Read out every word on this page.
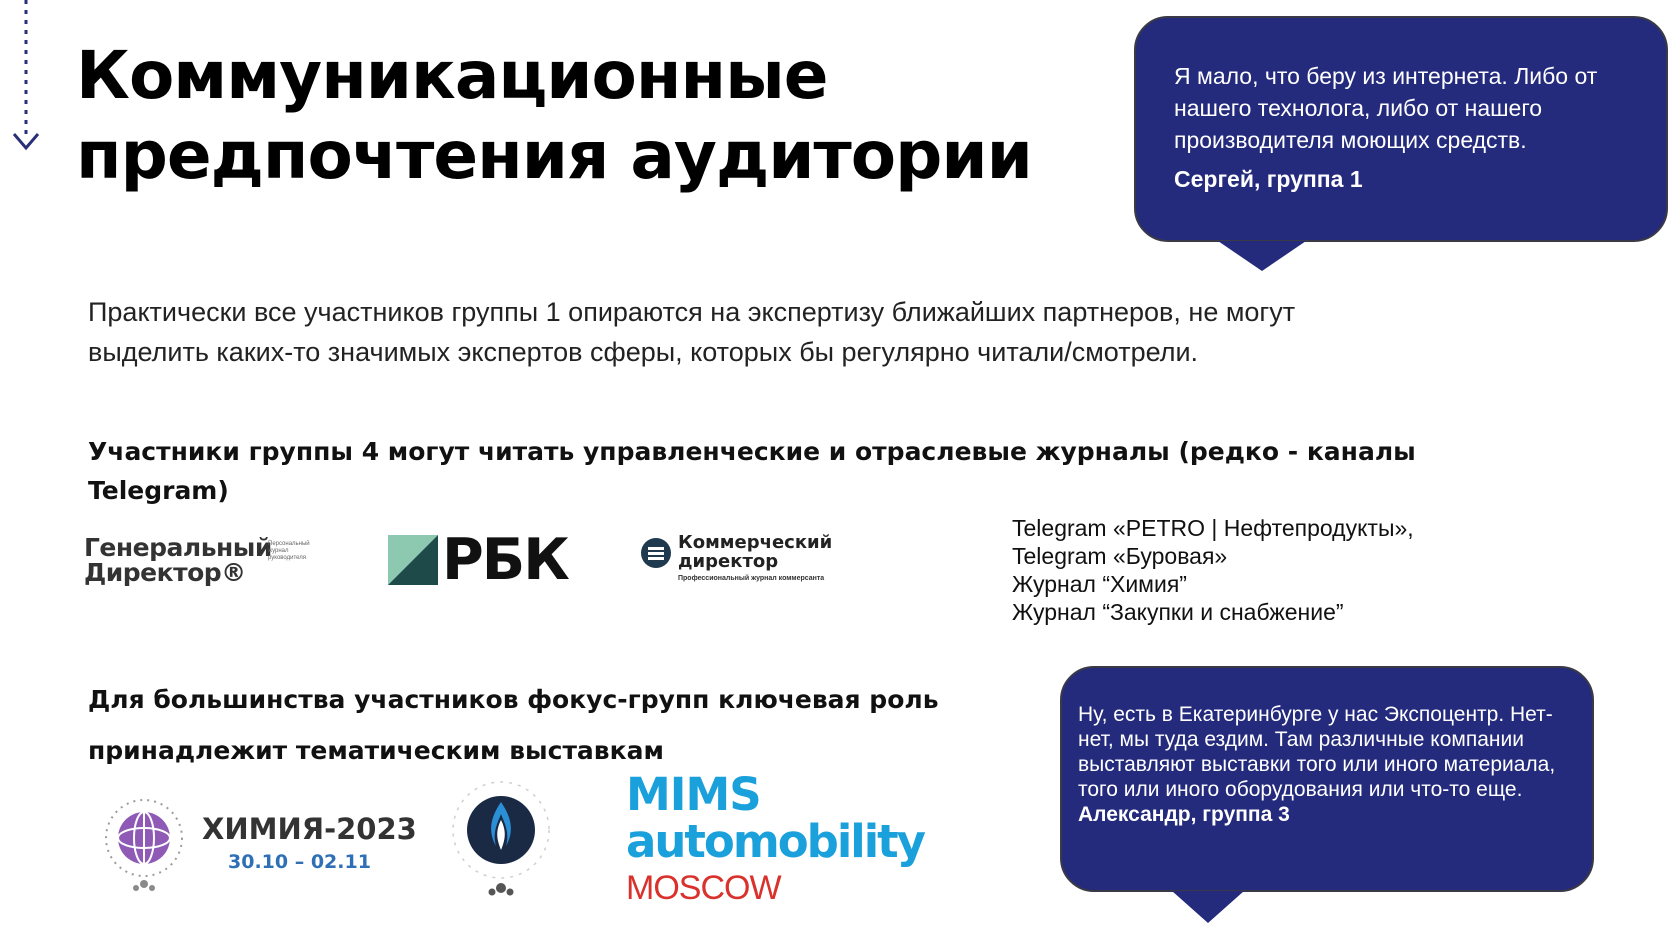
Коммуникационные
предпочтения аудитории

Я мало, что беру из интернета. Либо от нашего технолога, либо от нашего производителя моющих средств.

Сергей, группа 1

Практически все участников группы 1 опираются на экспертизу ближайших партнеров, не могут
выделить каких-то значимых экспертов сферы, которых бы регулярно читали/смотрели.

Участники группы 4 могут читать управленческие и отраслевые журналы (редко - каналы
Telegram)
Генеральный
Директор®
Персональный журнал руководителя РБК	Коммерческий
директор
Профессиональный журнал коммерсанта
Telegram «PETRO | Нефтепродукты»,
Telegram «Буровая»
Журнал “Химия”
Журнал “Закупки и снабжение”
Для большинства участников фокус-групп ключевая роль
принадлежит тематическим выставкам
ХИМИЯ-2023
30.10 – 02.11
MIMS
automobility
MOSCOW

Ну, есть в Екатеринбурге у нас Экспоцентр. Нет-нет, мы туда ездим. Там различные компании выставляют выставки того или иного материала, того или иного оборудования или что-то еще.

Александр, группа 3
